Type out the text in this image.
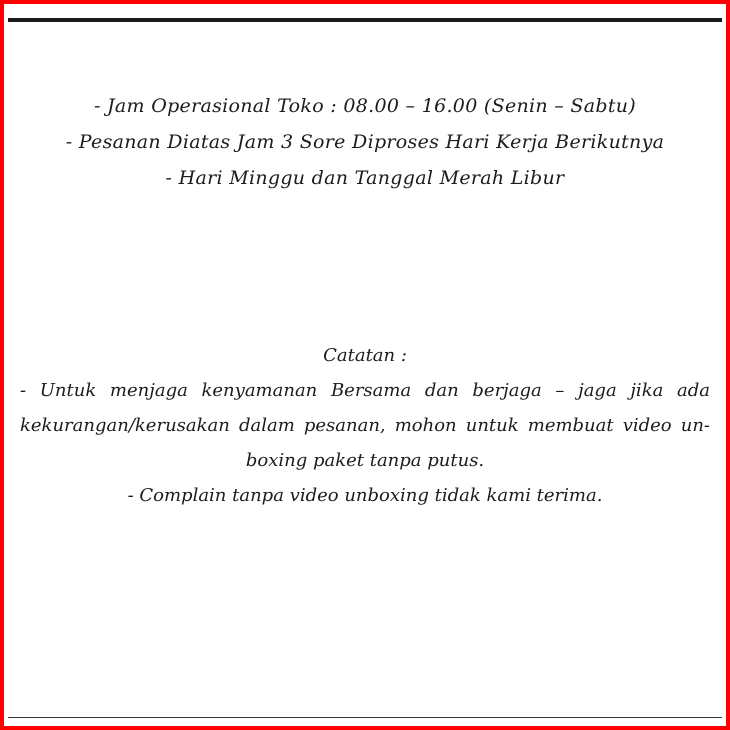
- Jam Operasional Toko : 08.00 – 16.00 (Senin – Sabtu)
- Pesanan Diatas Jam 3 Sore Diproses Hari Kerja Berikutnya
- Hari Minggu dan Tanggal Merah Libur
Catatan :
- Untuk menjaga kenyamanan Bersama dan berjaga – jaga jika ada kekurangan/kerusakan dalam pesanan, mohon untuk membuat video un-boxing paket tanpa putus.
- Complain tanpa video unboxing tidak kami terima.
